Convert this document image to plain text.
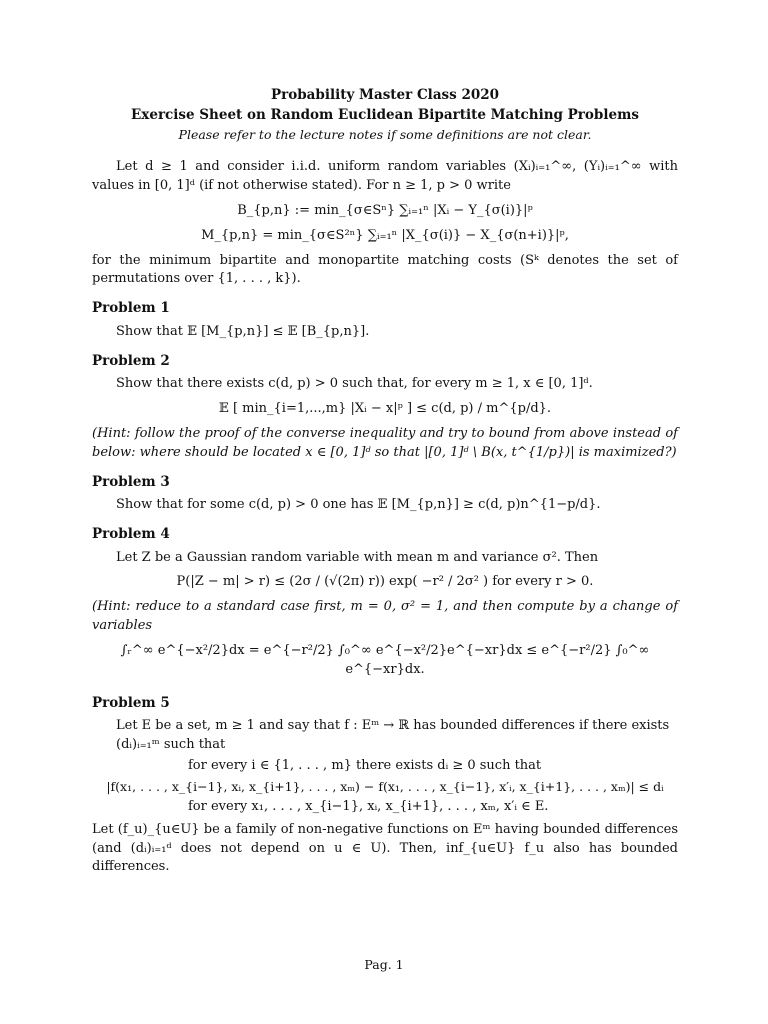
Probability Master Class 2020

Exercise Sheet on Random Euclidean Bipartite Matching Problems

Please refer to the lecture notes if some definitions are not clear.

Let d ≥ 1 and consider i.i.d. uniform random variables (Xᵢ)ᵢ₌₁^∞, (Yᵢ)ᵢ₌₁^∞ with values in [0, 1]ᵈ (if not otherwise stated). For n ≥ 1, p > 0 write

B_{p,n} := min_{σ∈Sⁿ} ∑ᵢ₌₁ⁿ |Xᵢ − Y_{σ(i)}|ᵖ
M_{p,n} = min_{σ∈S²ⁿ} ∑ᵢ₌₁ⁿ |X_{σ(i)} − X_{σ(n+i)}|ᵖ,

for the minimum bipartite and monopartite matching costs (Sᵏ denotes the set of permutations over {1, . . . , k}).

Problem 1

Show that 𝔼 [M_{p,n}] ≤ 𝔼 [B_{p,n}].

Problem 2

Show that there exists c(d, p) > 0 such that, for every m ≥ 1, x ∈ [0, 1]ᵈ.

𝔼 [ min_{i=1,...,m} |Xᵢ − x|ᵖ ] ≤ c(d, p) / m^{p/d}.

(Hint: follow the proof of the converse inequality and try to bound from above instead of below: where should be located x ∈ [0, 1]ᵈ so that |[0, 1]ᵈ \ B(x, t^{1/p})| is maximized?)

Problem 3

Show that for some c(d, p) > 0 one has 𝔼 [M_{p,n}] ≥ c(d, p)n^{1−p/d}.

Problem 4

Let Z be a Gaussian random variable with mean m and variance σ². Then

P(|Z − m| > r) ≤ (2σ / (√(2π) r)) exp( −r² / 2σ² ) for every r > 0.

(Hint: reduce to a standard case first, m = 0, σ² = 1, and then compute by a change of variables

∫ᵣ^∞ e^{−x²/2}dx = e^{−r²/2} ∫₀^∞ e^{−x²/2}e^{−xr}dx ≤ e^{−r²/2} ∫₀^∞ e^{−xr}dx.

Problem 5

Let E be a set, m ≥ 1 and say that f : Eᵐ → ℝ has bounded differences if there exists (dᵢ)ᵢ₌₁ᵐ such that

for every i ∈ {1, . . . , m} there exists dᵢ ≥ 0 such that

|f(x₁, . . . , x_{i−1}, xᵢ, x_{i+1}, . . . , xₘ) − f(x₁, . . . , x_{i−1}, x′ᵢ, x_{i+1}, . . . , xₘ)| ≤ dᵢ

for every x₁, . . . , x_{i−1}, xᵢ, x_{i+1}, . . . , xₘ, x′ᵢ ∈ E.

Let (f_u)_{u∈U} be a family of non-negative functions on Eᵐ having bounded differences (and (dᵢ)ᵢ₌₁ᵈ does not depend on u ∈ U). Then, inf_{u∈U} f_u also has bounded differences.

Pag. 1
